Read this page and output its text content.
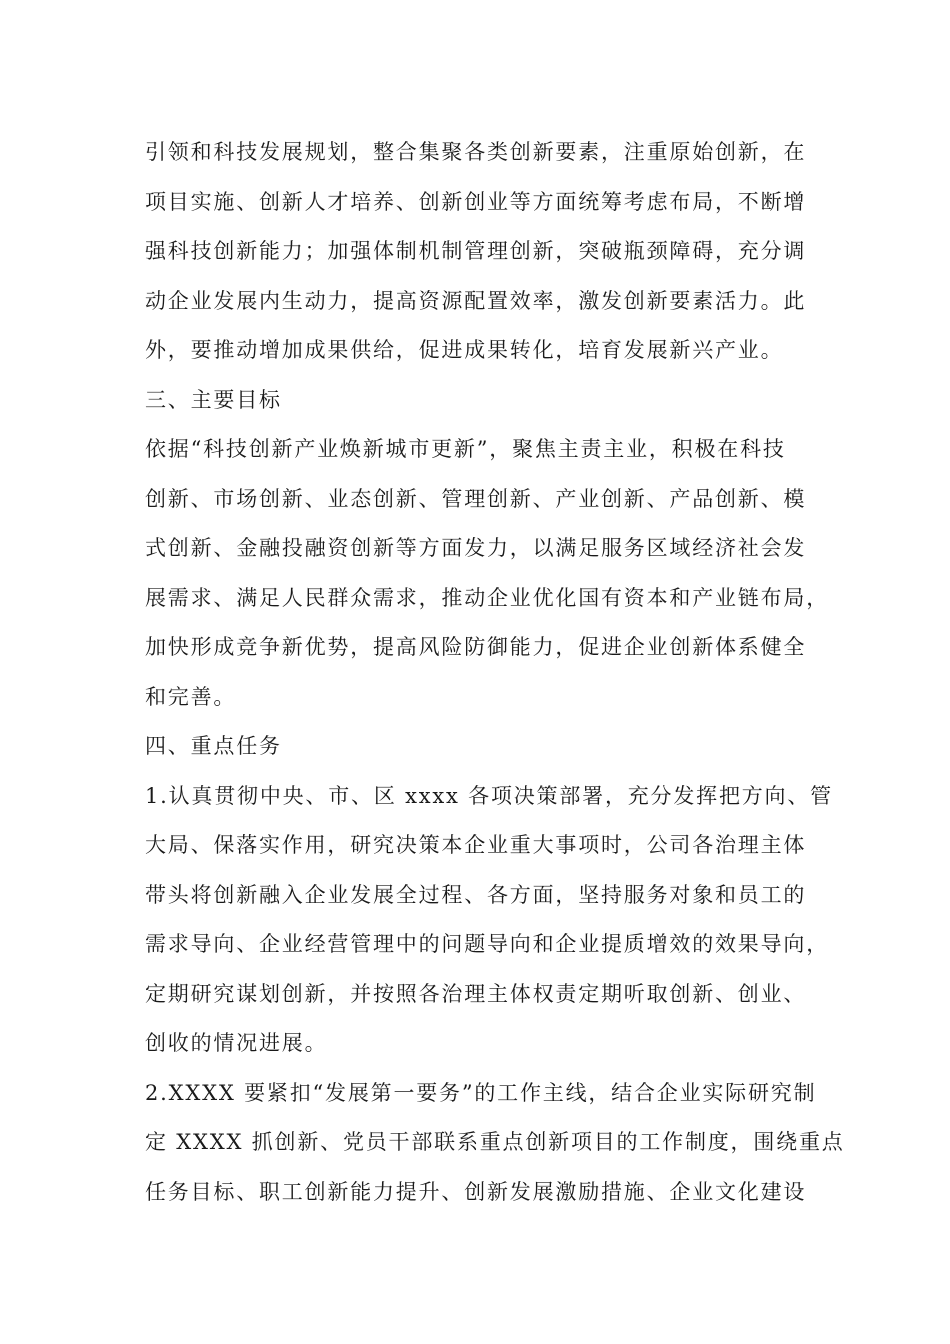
引领和科技发展规划，整合集聚各类创新要素，注重原始创新，在
项目实施、创新人才培养、创新创业等方面统筹考虑布局，不断增
强科技创新能力；加强体制机制管理创新，突破瓶颈障碍，充分调
动企业发展内生动力，提高资源配置效率，激发创新要素活力。此
外，要推动增加成果供给，促进成果转化，培育发展新兴产业。
三、主要目标
依据“科技创新产业焕新城市更新”，聚焦主责主业，积极在科技
创新、市场创新、业态创新、管理创新、产业创新、产品创新、模
式创新、金融投融资创新等方面发力，以满足服务区域经济社会发
展需求、满足人民群众需求，推动企业优化国有资本和产业链布局，
加快形成竞争新优势，提高风险防御能力，促进企业创新体系健全
和完善。
四、重点任务
1.认真贯彻中央、市、区 xxxx 各项决策部署，充分发挥把方向、管
大局、保落实作用，研究决策本企业重大事项时，公司各治理主体
带头将创新融入企业发展全过程、各方面，坚持服务对象和员工的
需求导向、企业经营管理中的问题导向和企业提质增效的效果导向，
定期研究谋划创新，并按照各治理主体权责定期听取创新、创业、
创收的情况进展。
2.XXXX 要紧扣“发展第一要务”的工作主线，结合企业实际研究制
定 XXXX 抓创新、党员干部联系重点创新项目的工作制度，围绕重点
任务目标、职工创新能力提升、创新发展激励措施、企业文化建设
